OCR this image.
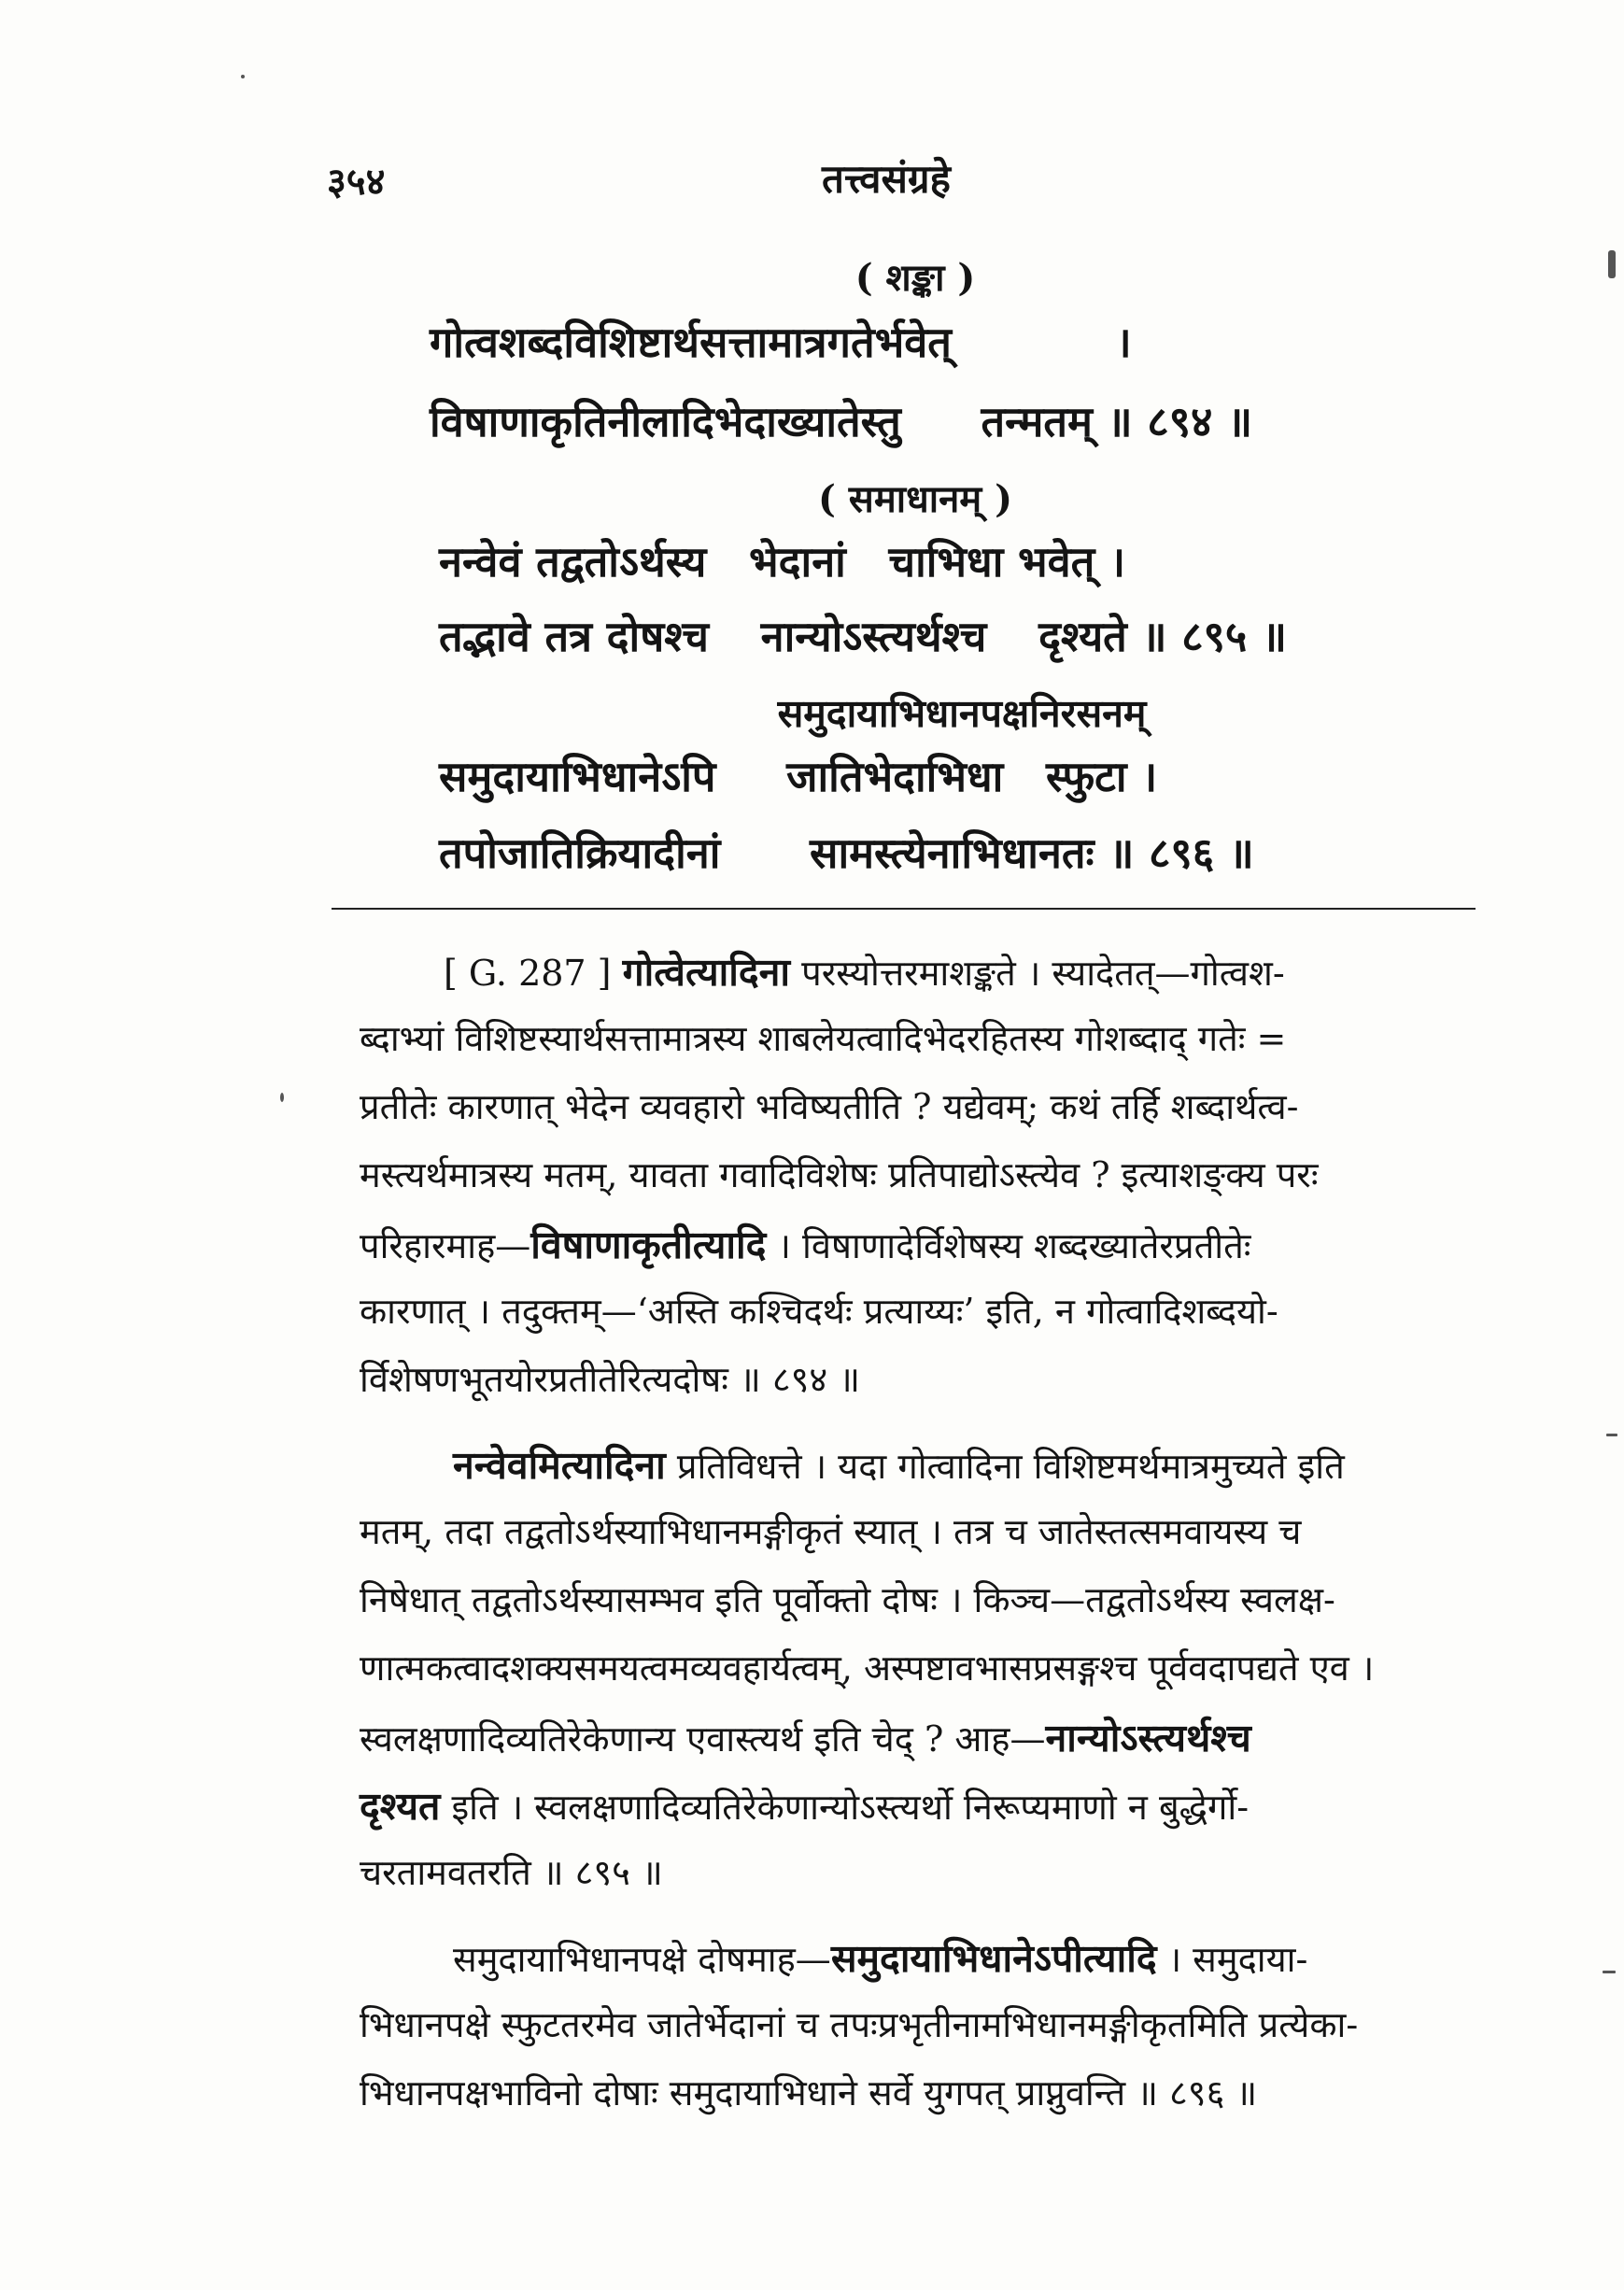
३५४	तत्त्वसंग्रहे
( शङ्का )
गोत्वशब्दविशिष्टार्थसत्तामात्रगतेर्भवेत्	।
विषाणाकृतिनीलादिभेदाख्यातेस्तु तन्मतम् ॥ ८९४ ॥
( समाधानम् )
नन्वेवं तद्वतोऽर्थस्य भेदानां चाभिधा भवेत् ।
तद्भावे तत्र दोषश्च नान्योऽस्त्यर्थश्च दृश्यते ॥ ८९५ ॥
समुदायाभिधानपक्षनिरसनम्
समुदायाभिधानेऽपि जातिभेदाभिधा स्फुटा ।
तपोजातिक्रियादीनां सामस्त्येनाभिधानतः ॥ ८९६ ॥
[ G. 287 ] गोत्वेत्यादिना परस्योत्तरमाशङ्कते । स्यादेतत्—गोत्वश-
ब्दाभ्यां विशिष्टस्यार्थसत्तामात्रस्य शाबलेयत्वादिभेदरहितस्य गोशब्दाद् गतेः =
प्रतीतेः कारणात् भेदेन व्यवहारो भविष्यतीति ? यद्येवम्; कथं तर्हि शब्दार्थत्व-
मस्त्यर्थमात्रस्य मतम्, यावता गवादिविशेषः प्रतिपाद्योऽस्त्येव ? इत्याशङ्क्य परः
परिहारमाह—विषाणाकृतीत्यादि । विषाणादेर्विशेषस्य शब्दख्यातेरप्रतीतेः
कारणात् । तदुक्तम्—‘अस्ति कश्चिदर्थः प्रत्याय्यः’ इति, न गोत्वादिशब्दयो-
र्विशेषणभूतयोरप्रतीतेरित्यदोषः ॥ ८९४ ॥
नन्वेवमित्यादिना प्रतिविधत्ते । यदा गोत्वादिना विशिष्टमर्थमात्रमुच्यते इति
मतम्, तदा तद्वतोऽर्थस्याभिधानमङ्गीकृतं स्यात् । तत्र च जातेस्तत्समवायस्य च
निषेधात् तद्वतोऽर्थस्यासम्भव इति पूर्वोक्तो दोषः । किञ्च—तद्वतोऽर्थस्य स्वलक्ष-
णात्मकत्वादशक्यसमयत्वमव्यवहार्यत्वम्, अस्पष्टावभासप्रसङ्गश्च पूर्ववदापद्यते एव ।
स्वलक्षणादिव्यतिरेकेणान्य एवास्त्यर्थ इति चेद् ? आह—नान्योऽस्त्यर्थश्च
दृश्यत इति । स्वलक्षणादिव्यतिरेकेणान्योऽस्त्यर्थो निरूप्यमाणो न बुद्धेर्गो-
चरतामवतरति ॥ ८९५ ॥
समुदायाभिधानपक्षे दोषमाह—समुदायाभिधानेऽपीत्यादि । समुदाया-
भिधानपक्षे स्फुटतरमेव जातेर्भेदानां च तपःप्रभृतीनामभिधानमङ्गीकृतमिति प्रत्येका-
भिधानपक्षभाविनो दोषाः समुदायाभिधाने सर्वे युगपत् प्राप्नुवन्ति ॥ ८९६ ॥
